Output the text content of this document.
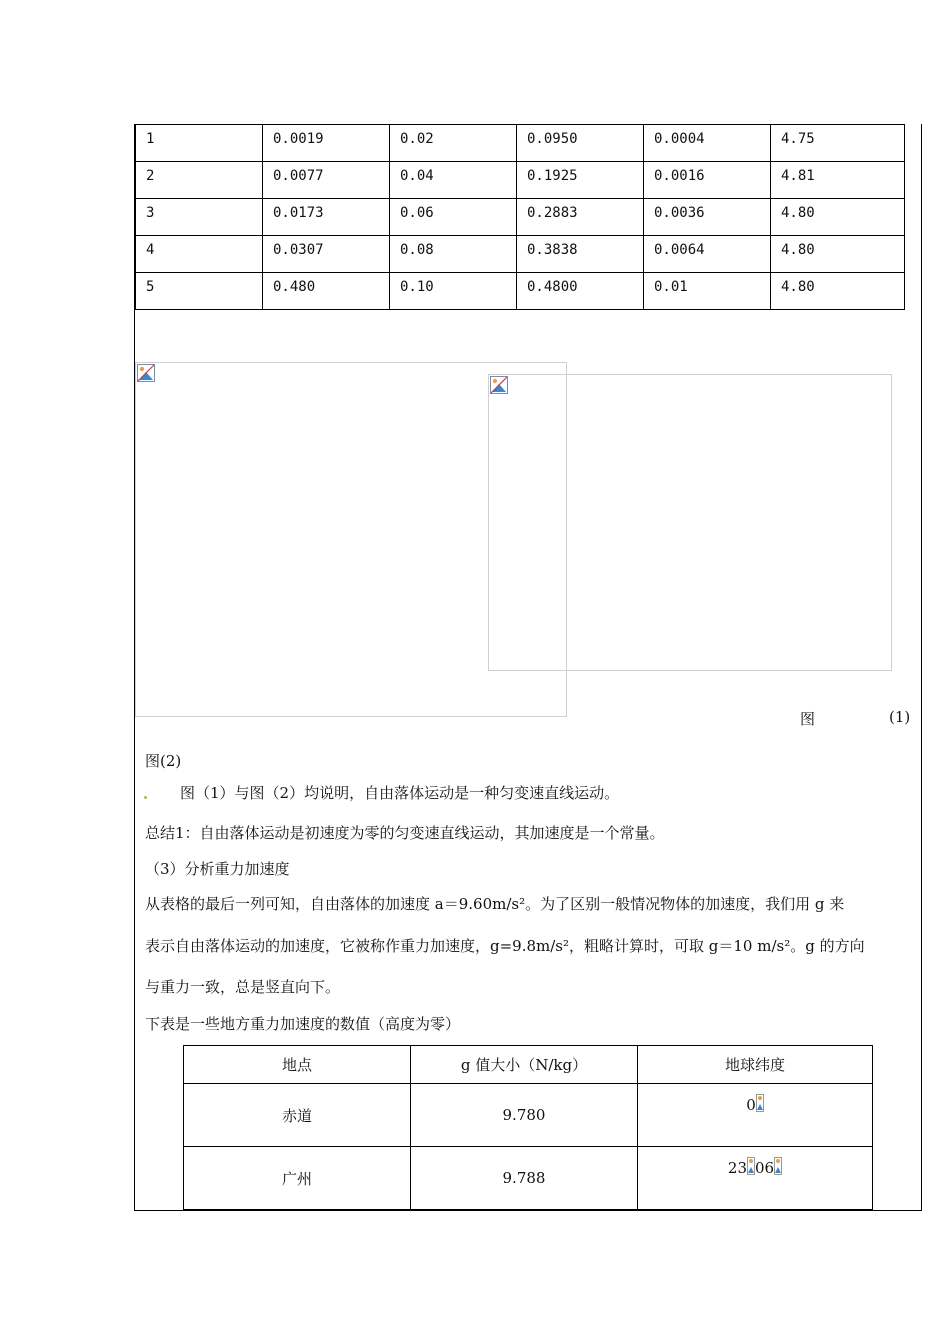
1	0.0019	0.02	0.0950	0.0004	4.75
2	0.0077	0.04	0.1925	0.0016	4.81
3	0.0173	0.06	0.2883	0.0036	4.80
4	0.0307	0.08	0.3838	0.0064	4.80
5	0.480	0.10	0.4800	0.01	4.80
图	(1)
图(2)
图（1）与图（2）均说明，自由落体运动是一种匀变速直线运动。
总结1：自由落体运动是初速度为零的匀变速直线运动，其加速度是一个常量。
（3）分析重力加速度
从表格的最后一列可知，自由落体的加速度 a＝9.60m/s²。为了区别一般情况物体的加速度，我们用 g 来
表示自由落体运动的加速度，它被称作重力加速度，g=9.8m/s²，粗略计算时，可取 g＝10 m/s²。g 的方向
与重力一致，总是竖直向下。
下表是一些地方重力加速度的数值（高度为零）
地点	g 值大小（N/kg）	地球纬度
赤道	9.780	0
广州	9.788	23 06
